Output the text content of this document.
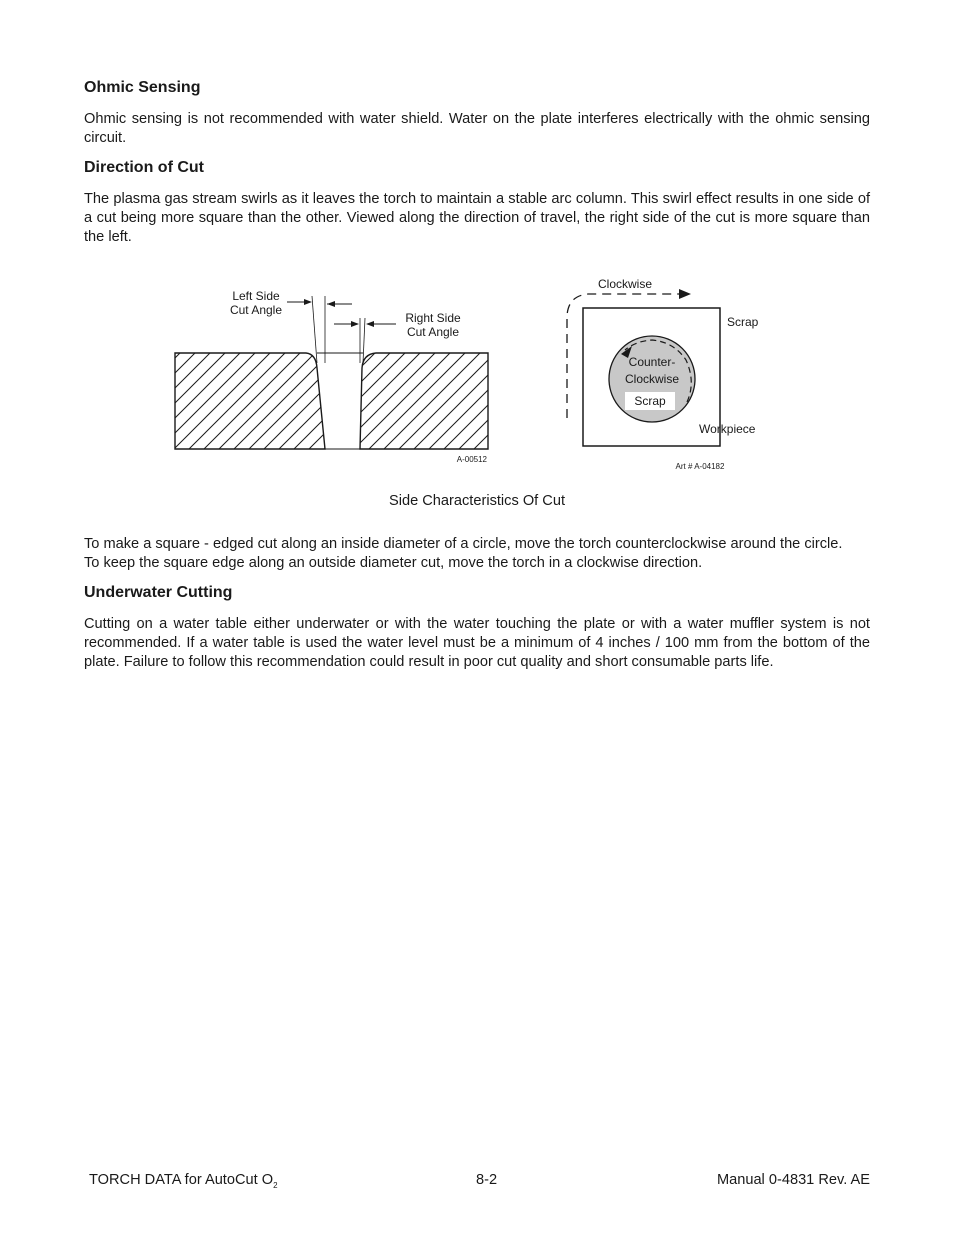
Ohmic Sensing

Ohmic sensing is not recommended with water shield. Water on the plate interferes electrically with the ohmic sensing circuit.

Direction of Cut

The plasma gas stream swirls as it leaves the torch to maintain a stable arc column. This swirl effect results in one side of a cut being more square than the other. Viewed along the direction of travel, the right side of the cut is more square than the left.

Left Side
Cut Angle
Right Side
Cut Angle
A-00512
Clockwise
Scrap
Counter-
Clockwise
Scrap
Workpiece
Art # A-04182
Side Characteristics Of Cut

To make a square - edged cut along an inside diameter of a circle, move the torch counterclockwise around the circle.
To keep the square edge along an outside diameter cut, move the torch in a clockwise direction.

Underwater Cutting

Cutting on a water table either underwater or with the water touching the plate or with a water muffler system is not recommended. If a water table is used the water level must be a minimum of 4 inches / 100 mm from the bottom of the plate. Failure to follow this recommendation could result in poor cut quality and short consumable parts life.

TORCH DATA for AutoCut $O_2$	8-2	Manual 0-4831 Rev. AE
